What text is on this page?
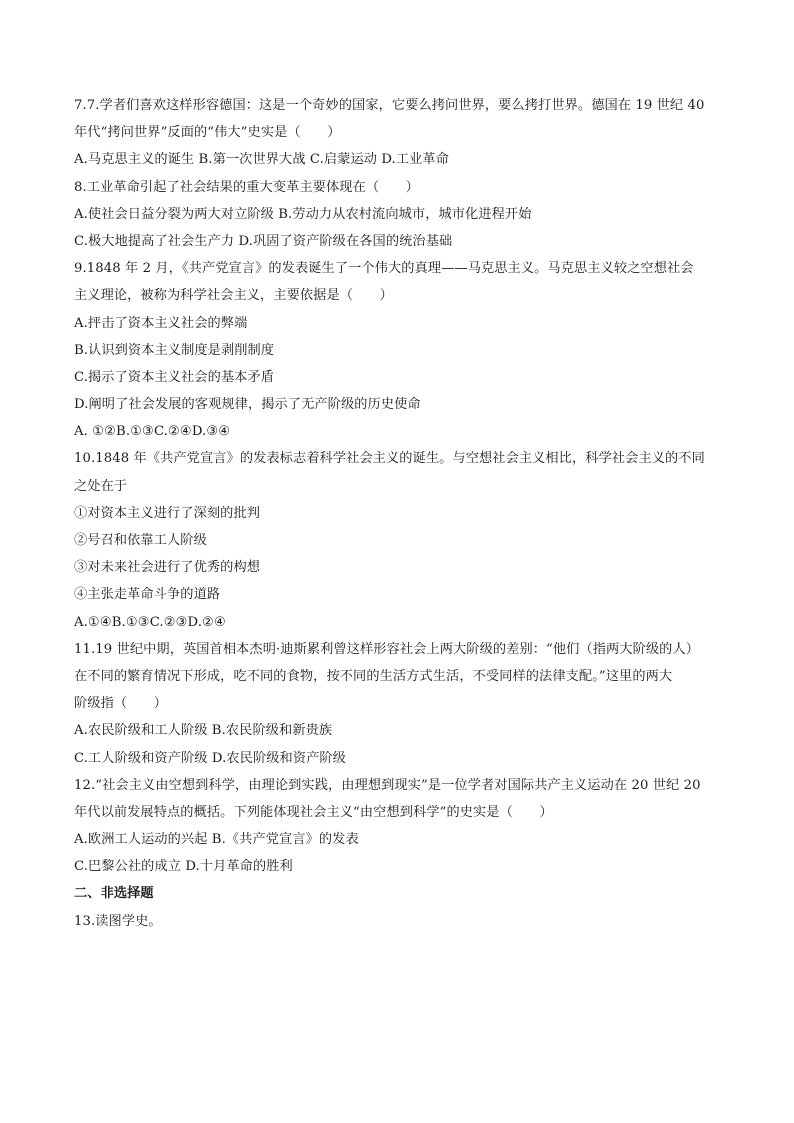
7.7.学者们喜欢这样形容德国：这是一个奇妙的国家，它要么拷问世界，要么拷打世界。德国在 19 世纪 40
年代“拷问世界”反面的“伟大”史实是（　　）
A.马克思主义的诞生 B.第一次世界大战 C.启蒙运动 D.工业革命
8.工业革命引起了社会结果的重大变革主要体现在（　　）
A.使社会日益分裂为两大对立阶级 B.劳动力从农村流向城市，城市化进程开始
C.极大地提高了社会生产力 D.巩固了资产阶级在各国的统治基础
9.1848 年 2 月，《共产党宣言》的发表诞生了一个伟大的真理——马克思主义。马克思主义较之空想社会
主义理论，被称为科学社会主义，主要依据是（　　）
A.抨击了资本主义社会的弊端
B.认识到资本主义制度是剥削制度
C.揭示了资本主义社会的基本矛盾
D.阐明了社会发展的客观规律，揭示了无产阶级的历史使命
A. ①②B.①③C.②④D.③④
10.1848 年《共产党宣言》的发表标志着科学社会主义的诞生。与空想社会主义相比，科学社会主义的不同
之处在于
①对资本主义进行了深刻的批判
②号召和依靠工人阶级
③对未来社会进行了优秀的构想
④主张走革命斗争的道路
A.①④B.①③C.②③D.②④
11.19 世纪中期，英国首相本杰明·迪斯累利曾这样形容社会上两大阶级的差别：“他们（指两大阶级的人）
在不同的繁育情况下形成，吃不同的食物，按不同的生活方式生活，不受同样的法律支配。”这里的两大
阶级指（　　）
A.农民阶级和工人阶级 B.农民阶级和新贵族
C.工人阶级和资产阶级 D.农民阶级和资产阶级
12.“社会主义由空想到科学，由理论到实践，由理想到现实”是一位学者对国际共产主义运动在 20 世纪 20
年代以前发展特点的概括。下列能体现社会主义“由空想到科学”的史实是（　　）
A.欧洲工人运动的兴起 B.《共产党宣言》的发表
C.巴黎公社的成立 D.十月革命的胜利
二、非选择题
13.读图学史。
